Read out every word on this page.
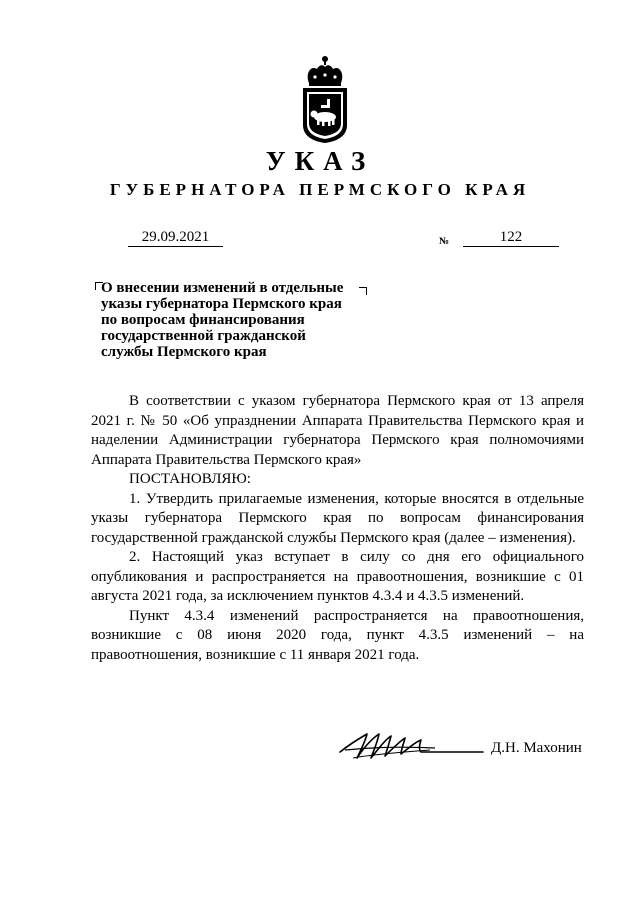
УКАЗ
ГУБЕРНАТОРА ПЕРМСКОГО КРАЯ
29.09.2021	№	122
О внесении изменений в отдельные
указы губернатора Пермского края
по вопросам финансирования
государственной гражданской
службы Пермского края

В соответствии с указом губернатора Пермского края от 13 апреля 2021 г. № 50 «Об упразднении Аппарата Правительства Пермского края и наделении Администрации губернатора Пермского края полномочиями Аппарата Правительства Пермского края»

ПОСТАНОВЛЯЮ:

1. Утвердить прилагаемые изменения, которые вносятся в отдельные указы губернатора Пермского края по вопросам финансирования государственной гражданской службы Пермского края (далее – изменения).

2. Настоящий указ вступает в силу со дня его официального опубликования и распространяется на правоотношения, возникшие с 01 августа 2021 года, за исключением пунктов 4.3.4 и 4.3.5 изменений.

Пункт 4.3.4 изменений распространяется на правоотношения, возникшие с 08 июня 2020 года, пункт 4.3.5 изменений – на правоотношения, возникшие с 11 января 2021 года.

Д.Н. Махонин
